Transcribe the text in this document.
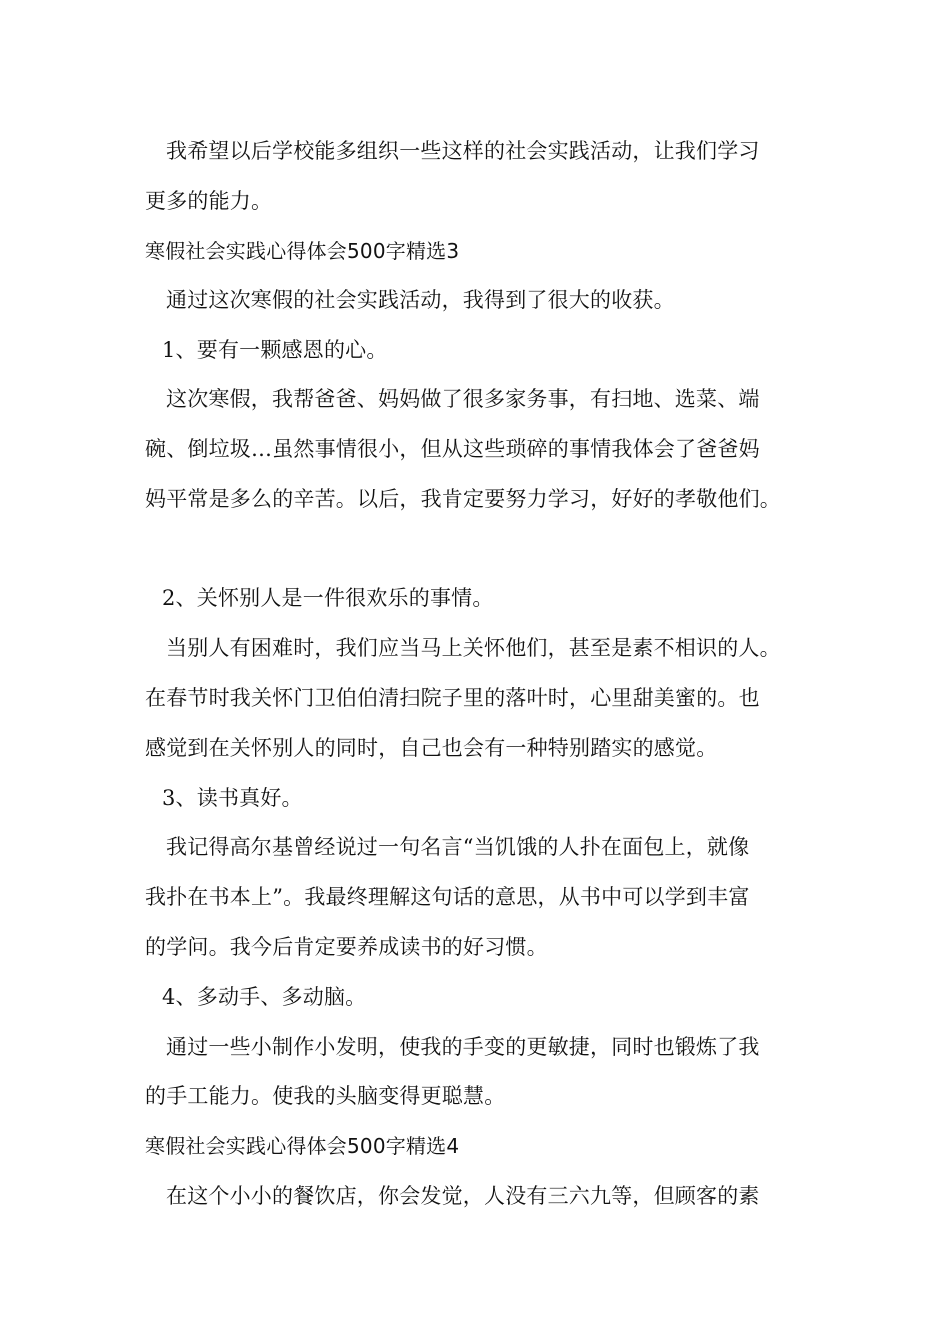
我希望以后学校能多组织一些这样的社会实践活动，让我们学习
更多的能力。
寒假社会实践心得体会500字精选3
通过这次寒假的社会实践活动，我得到了很大的收获。
1、要有一颗感恩的心。
这次寒假，我帮爸爸、妈妈做了很多家务事，有扫地、选菜、端
碗、倒垃圾…虽然事情很小，但从这些琐碎的事情我体会了爸爸妈
妈平常是多么的辛苦。以后，我肯定要努力学习，好好的孝敬他们。
2、关怀别人是一件很欢乐的事情。
当别人有困难时，我们应当马上关怀他们，甚至是素不相识的人。
在春节时我关怀门卫伯伯清扫院子里的落叶时，心里甜美蜜的。也
感觉到在关怀别人的同时，自己也会有一种特别踏实的感觉。
3、读书真好。
我记得高尔基曾经说过一句名言“当饥饿的人扑在面包上，就像
我扑在书本上”。我最终理解这句话的意思，从书中可以学到丰富
的学问。我今后肯定要养成读书的好习惯。
4、多动手、多动脑。
通过一些小制作小发明，使我的手变的更敏捷，同时也锻炼了我
的手工能力。使我的头脑变得更聪慧。
寒假社会实践心得体会500字精选4
在这个小小的餐饮店，你会发觉，人没有三六九等，但顾客的素
